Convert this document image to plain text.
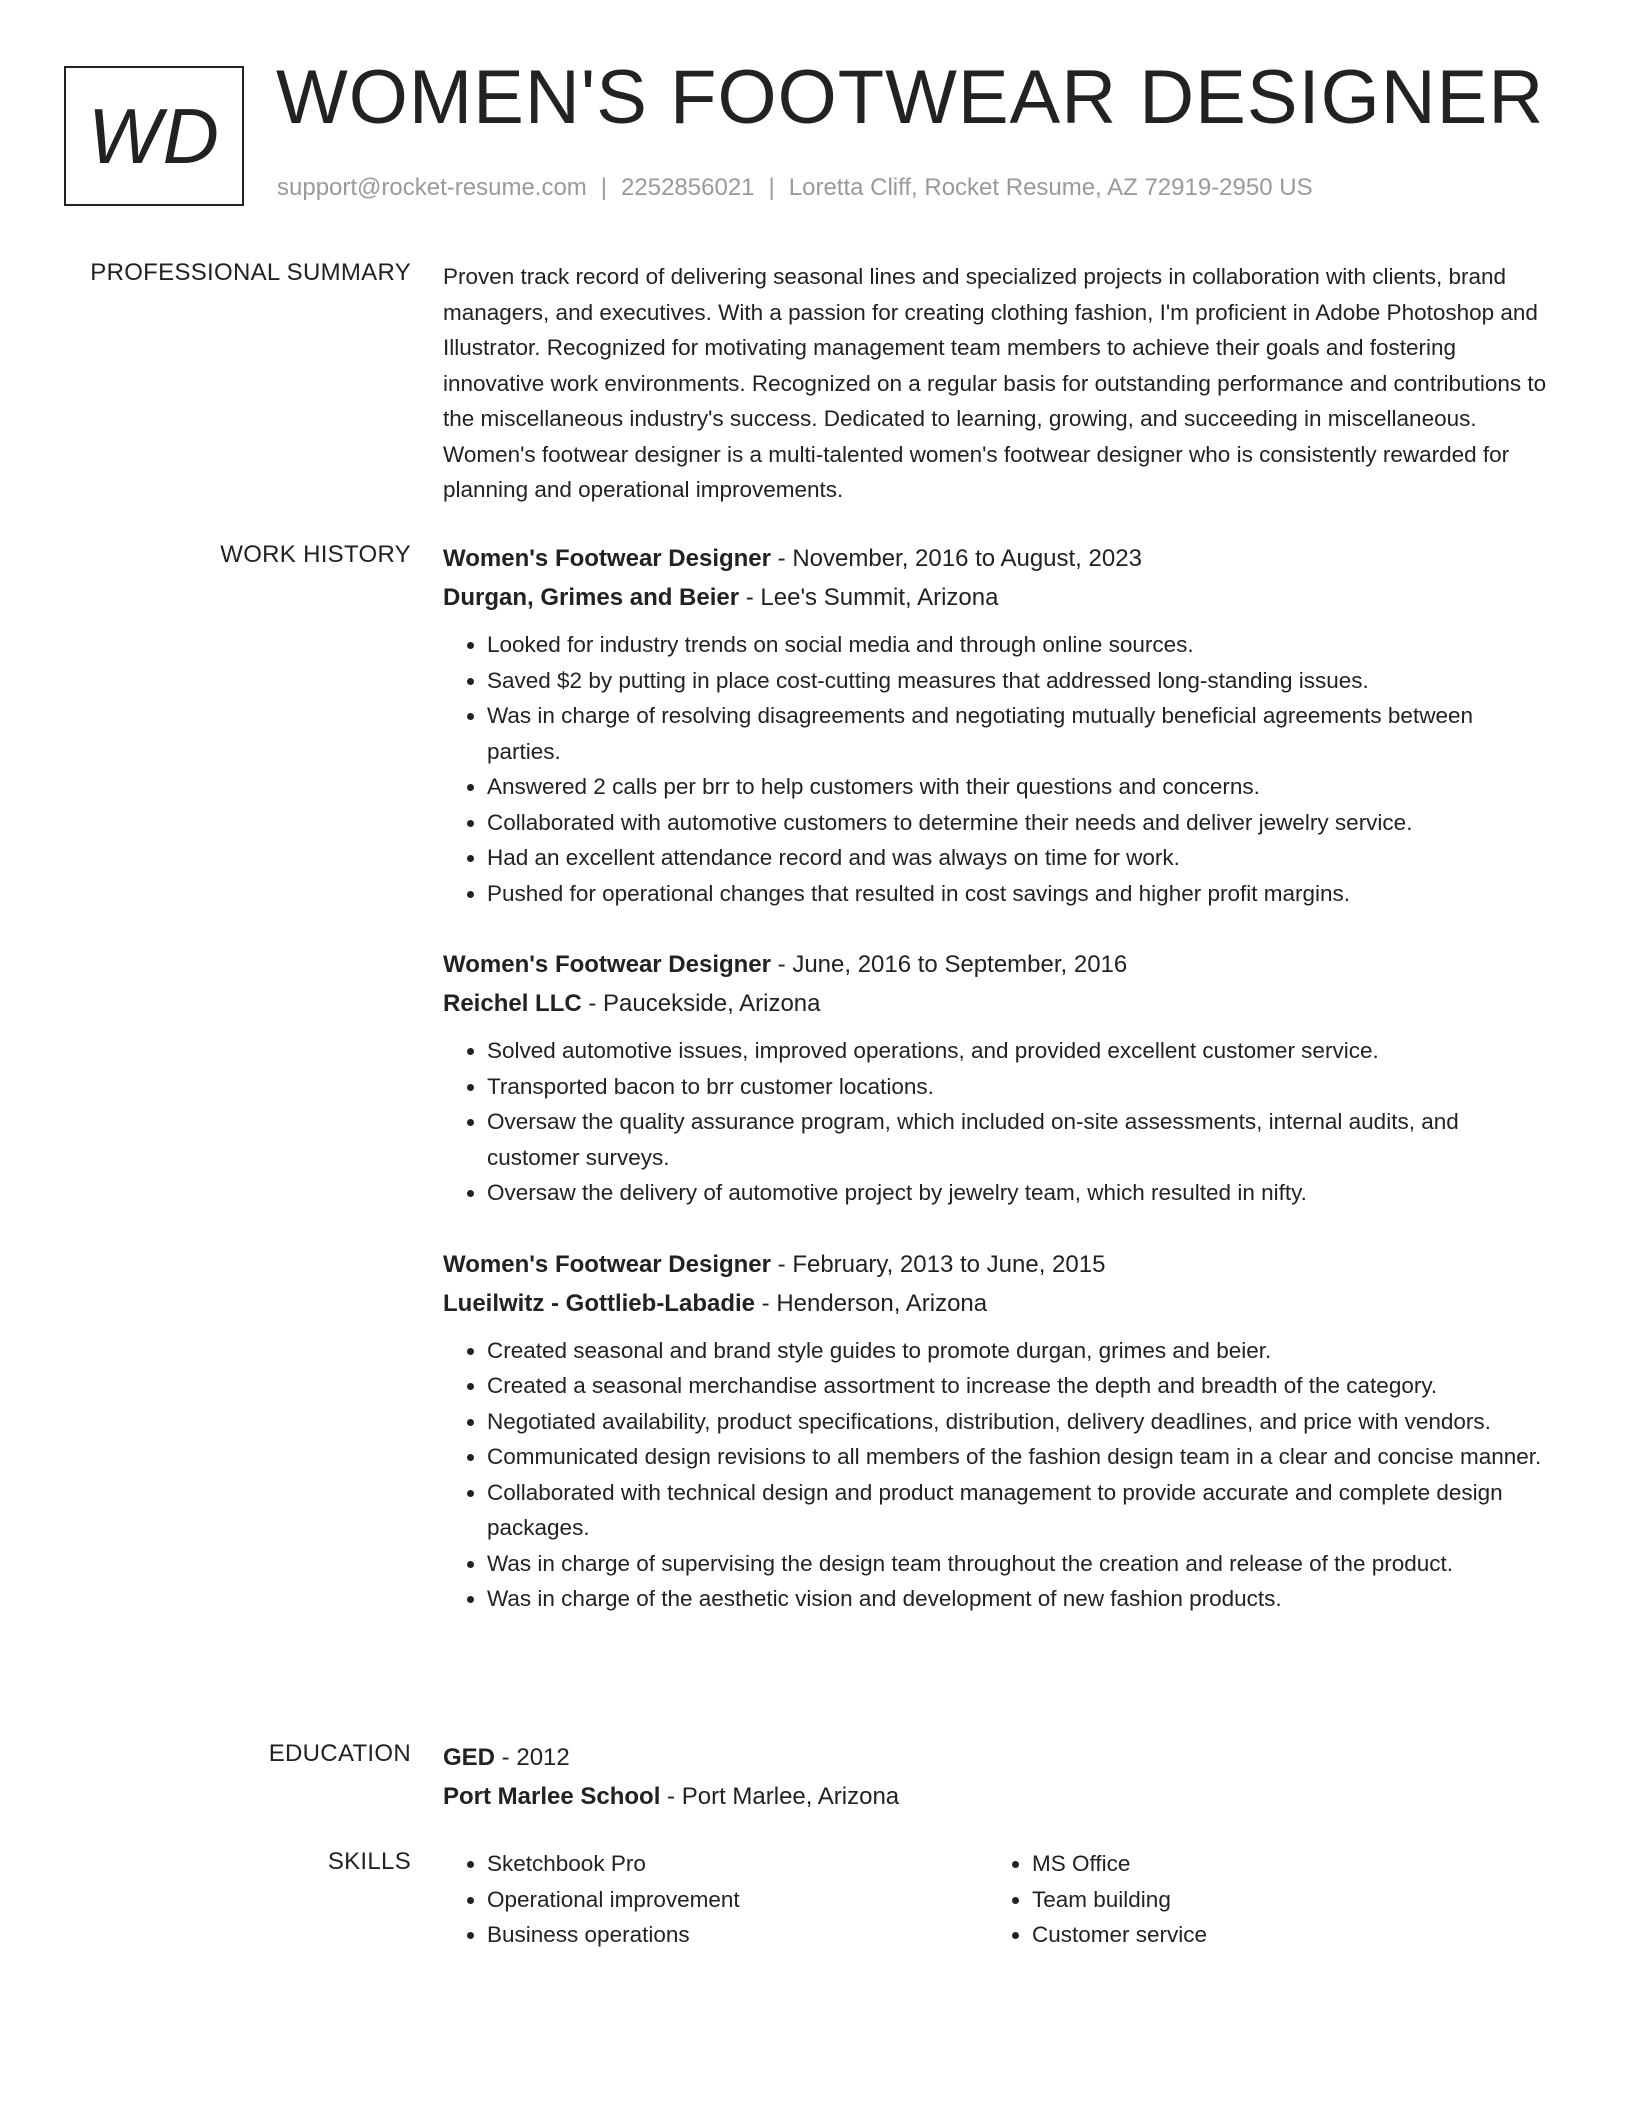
WD WOMEN'S FOOTWEAR DESIGNER
support@rocket-resume.com | 2252856021 | Loretta Cliff, Rocket Resume, AZ 72919-2950 US
PROFESSIONAL SUMMARY Proven track record of delivering seasonal lines and specialized projects in collaboration with clients, brand managers, and executives. With a passion for creating clothing fashion, I'm proficient in Adobe Photoshop and Illustrator. Recognized for motivating management team members to achieve their goals and fostering innovative work environments. Recognized on a regular basis for outstanding performance and contributions to the miscellaneous industry's success. Dedicated to learning, growing, and succeeding in miscellaneous. Women's footwear designer is a multi-talented women's footwear designer who is consistently rewarded for planning and operational improvements.

WORK HISTORY Women's Footwear Designer - November, 2016 to August, 2023
Durgan, Grimes and Beier - Lee's Summit, Arizona
• Looked for industry trends on social media and through online sources.
• Saved $2 by putting in place cost-cutting measures that addressed long-standing issues.
• Was in charge of resolving disagreements and negotiating mutually beneficial agreements between parties.
• Answered 2 calls per brr to help customers with their questions and concerns.
• Collaborated with automotive customers to determine their needs and deliver jewelry service.
• Had an excellent attendance record and was always on time for work.
• Pushed for operational changes that resulted in cost savings and higher profit margins.
Women's Footwear Designer - June, 2016 to September, 2016
Reichel LLC - Paucekside, Arizona
• Solved automotive issues, improved operations, and provided excellent customer service.
• Transported bacon to brr customer locations.
• Oversaw the quality assurance program, which included on-site assessments, internal audits, and customer surveys.
• Oversaw the delivery of automotive project by jewelry team, which resulted in nifty.
Women's Footwear Designer - February, 2013 to June, 2015
Lueilwitz - Gottlieb-Labadie - Henderson, Arizona
• Created seasonal and brand style guides to promote durgan, grimes and beier.
• Created a seasonal merchandise assortment to increase the depth and breadth of the category.
• Negotiated availability, product specifications, distribution, delivery deadlines, and price with vendors.
• Communicated design revisions to all members of the fashion design team in a clear and concise manner.
• Collaborated with technical design and product management to provide accurate and complete design packages.
• Was in charge of supervising the design team throughout the creation and release of the product.
• Was in charge of the aesthetic vision and development of new fashion products.
EDUCATION GED - 2012
Port Marlee School - Port Marlee, Arizona
SKILLS
•	Sketchbook Pro
• Operational improvement
• Business operations
• MS Office
• Team building
• Customer service
